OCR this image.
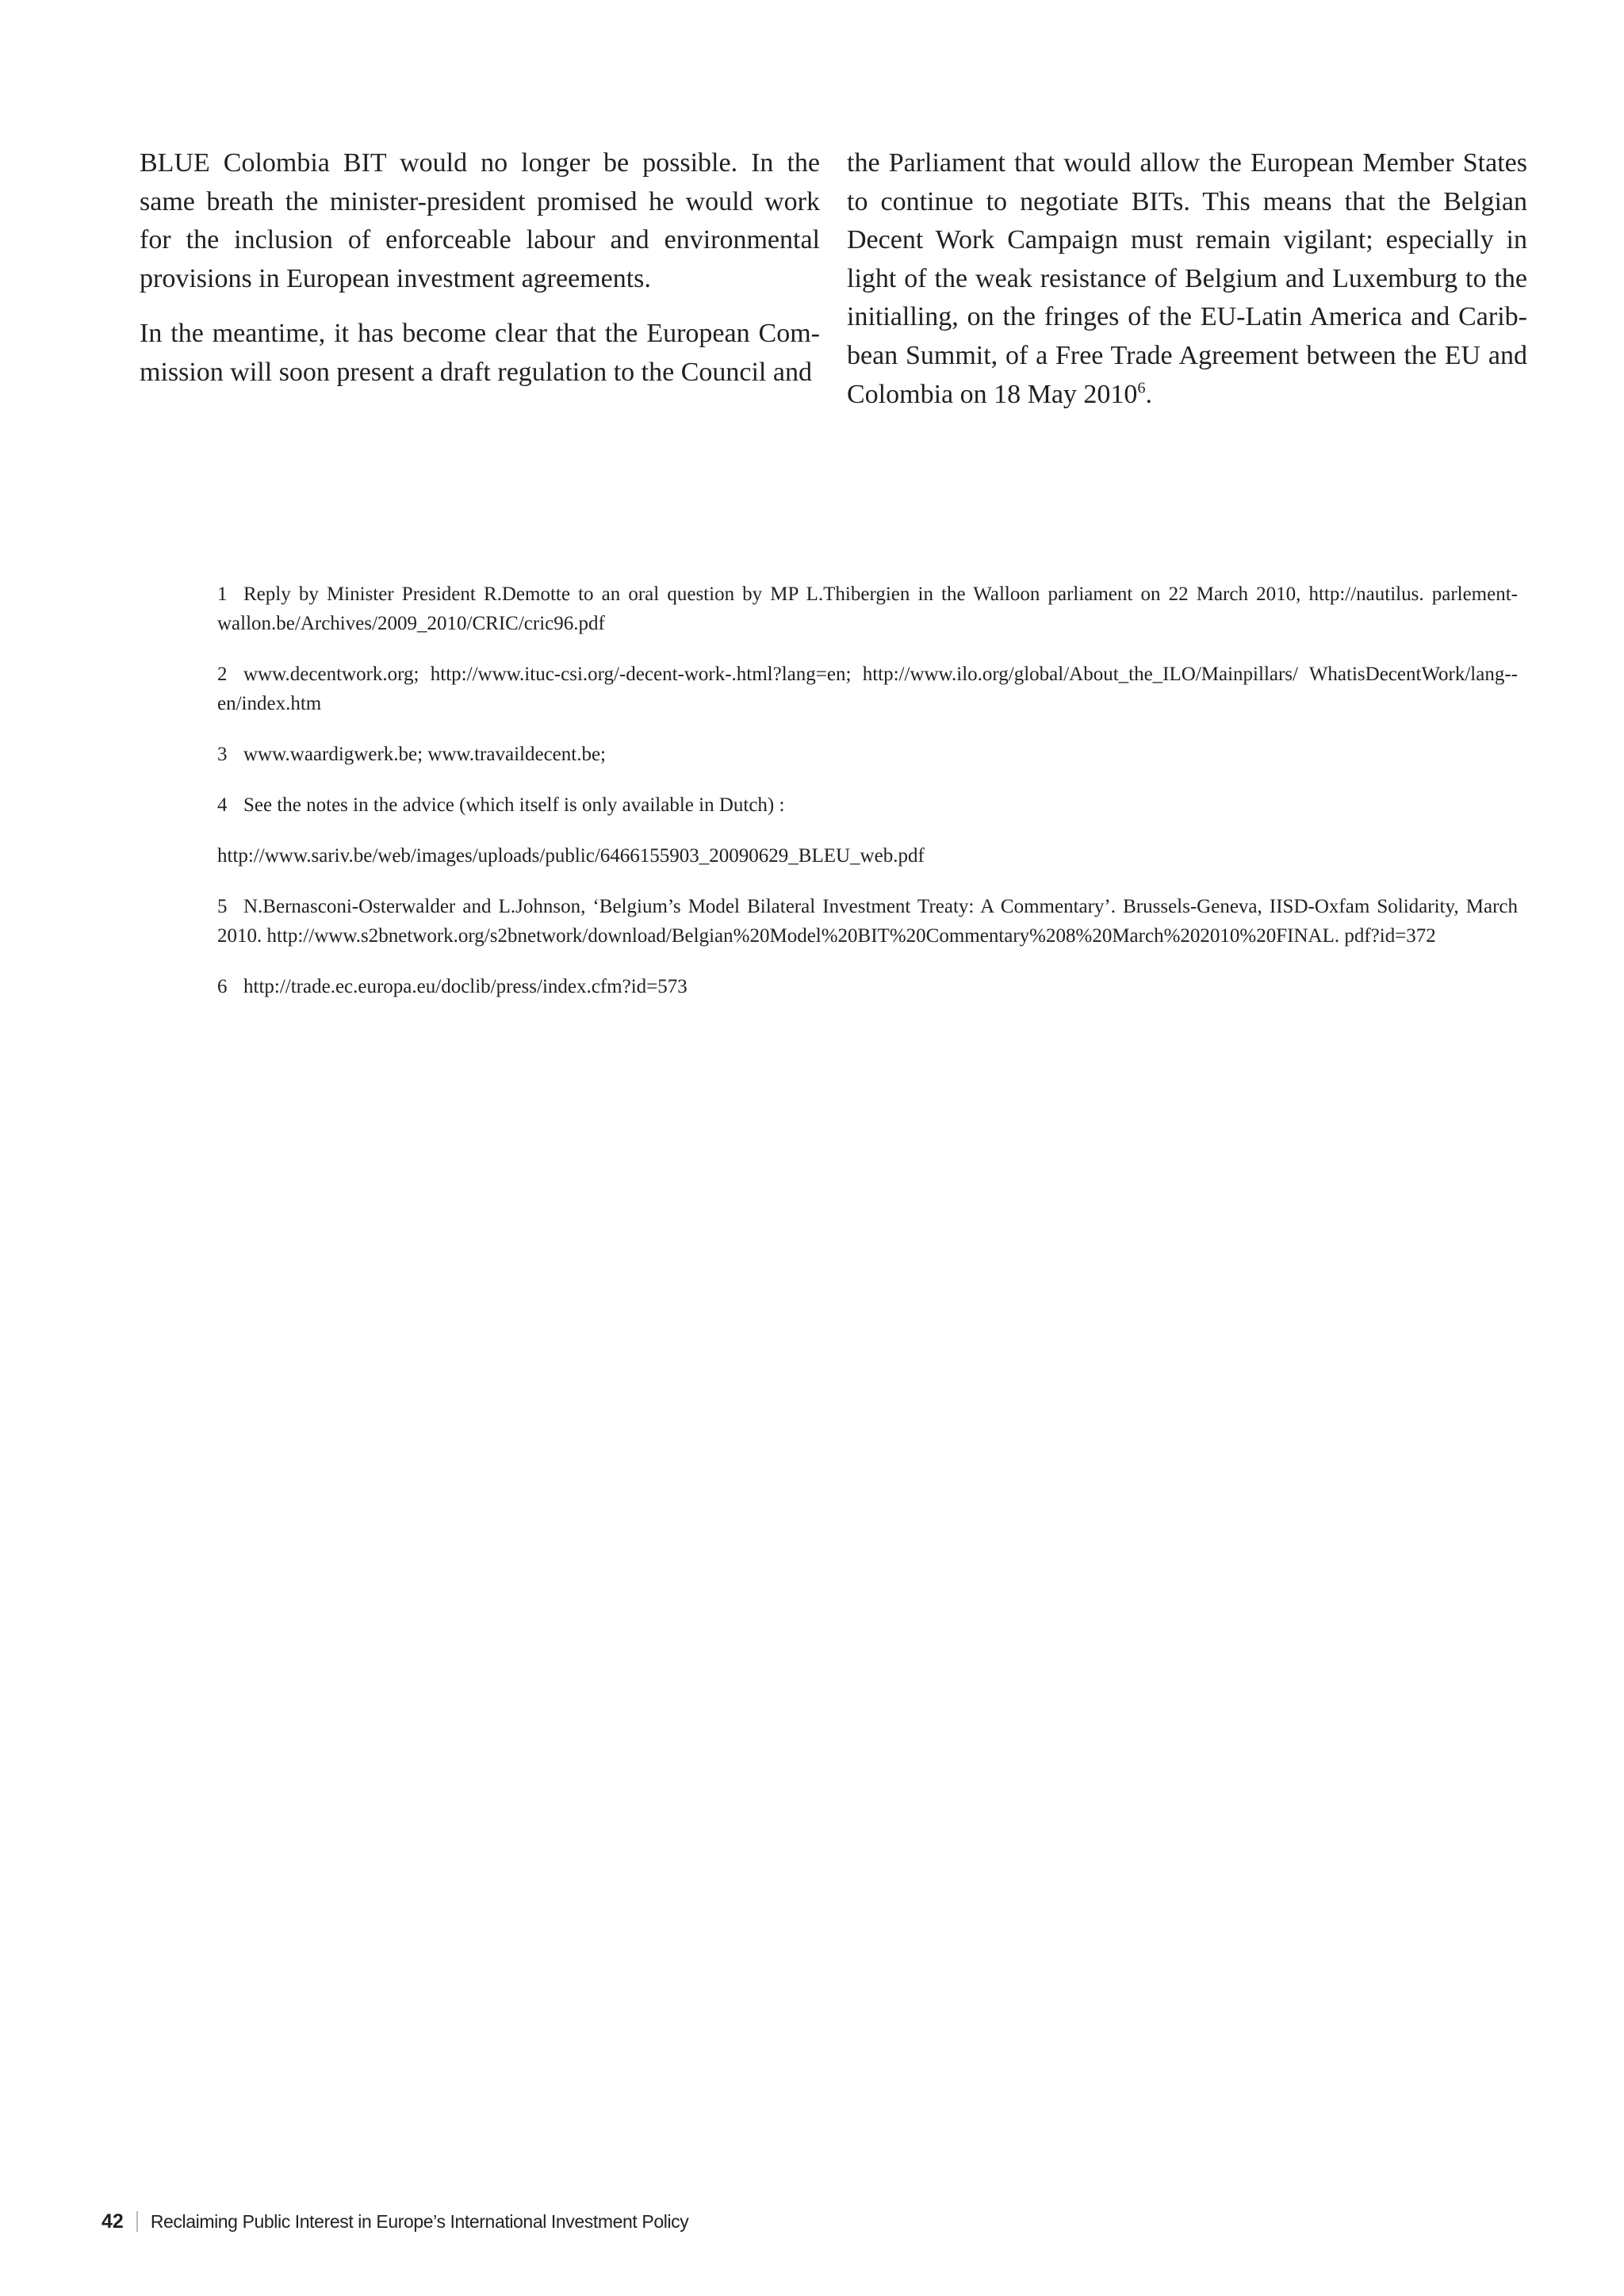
BLUE Colombia BIT would no longer be possible. In the same breath the minister-president promised he would work for the inclusion of enforceable labour and environmental provisions in European investment agreements.

In the meantime, it has become clear that the European Com-mission will soon present a draft regulation to the Council and

the Parliament that would allow the European Member States to continue to negotiate BITs. This means that the Belgian Decent Work Campaign must remain vigilant; especially in light of the weak resistance of Belgium and Luxemburg to the initialling, on the fringes of the EU-Latin America and Carib-bean Summit, of a Free Trade Agreement between the EU and Colombia on 18 May 2010$^6$.

1 Reply by Minister President R.Demotte to an oral question by MP L.Thibergien in the Walloon parliament on 22 March 2010, http://nautilus. parlement-wallon.be/Archives/2009_2010/CRIC/cric96.pdf
2 www.decentwork.org; http://www.ituc-csi.org/-decent-work-.html?lang=en; http://www.ilo.org/global/About_the_ILO/Mainpillars/ WhatisDecentWork/lang--en/index.htm
3 www.waardigwerk.be; www.travaildecent.be;
4 See the notes in the advice (which itself is only available in Dutch) :
http://www.sariv.be/web/images/uploads/public/6466155903_20090629_BLEU_web.pdf
5 N.Bernasconi-Osterwalder and L.Johnson, ‘Belgium’s Model Bilateral Investment Treaty: A Commentary’. Brussels-Geneva, IISD-Oxfam Solidarity, March 2010. http://www.s2bnetwork.org/s2bnetwork/download/Belgian%20Model%20BIT%20Commentary%208%20March%202010%20FINAL. pdf?id=372
6 http://trade.ec.europa.eu/doclib/press/index.cfm?id=573
42 Reclaiming Public Interest in Europe’s International Investment Policy
